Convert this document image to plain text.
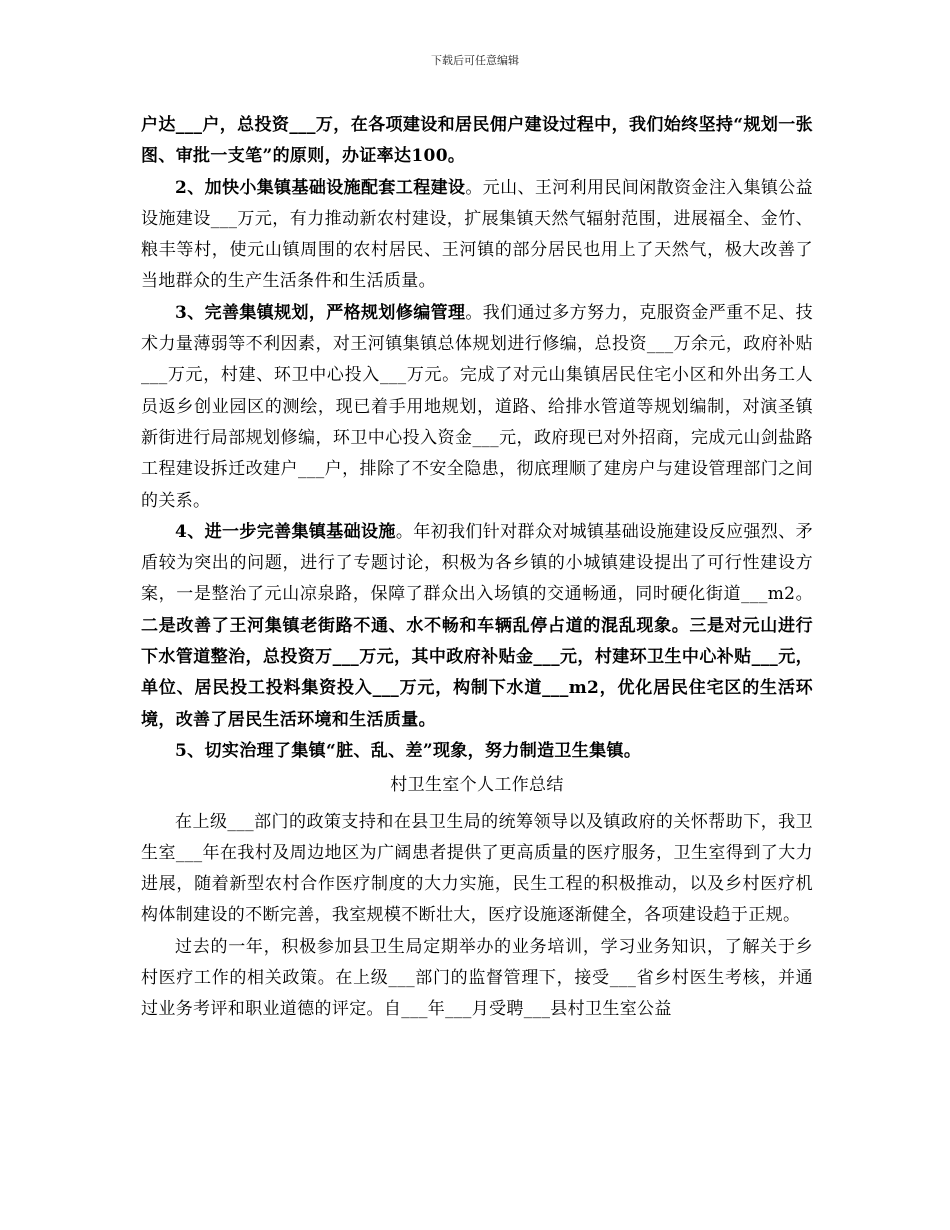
下载后可任意编辑

户达___户，总投资___万，在各项建设和居民佣户建设过程中，我们始终坚持“规划一张图、审批一支笔”的原则，办证率达100。

2、加快小集镇基础设施配套工程建设。元山、王河利用民间闲散资金注入集镇公益设施建设___万元，有力推动新农村建设，扩展集镇天然气辐射范围，进展福全、金竹、粮丰等村，使元山镇周围的农村居民、王河镇的部分居民也用上了天然气，极大改善了当地群众的生产生活条件和生活质量。

3、完善集镇规划，严格规划修编管理。我们通过多方努力，克服资金严重不足、技术力量薄弱等不利因素，对王河镇集镇总体规划进行修编，总投资___万余元，政府补贴___万元，村建、环卫中心投入___万元。完成了对元山集镇居民住宅小区和外出务工人员返乡创业园区的测绘，现已着手用地规划，道路、给排水管道等规划编制，对演圣镇新街进行局部规划修编，环卫中心投入资金___元，政府现已对外招商，完成元山剑盐路工程建设拆迁改建户___户，排除了不安全隐患，彻底理顺了建房户与建设管理部门之间的关系。

4、进一步完善集镇基础设施。年初我们针对群众对城镇基础设施建设反应强烈、矛盾较为突出的问题，进行了专题讨论，积极为各乡镇的小城镇建设提出了可行性建设方案，一是整治了元山凉泉路，保障了群众出入场镇的交通畅通，同时硬化街道___m2。二是改善了王河集镇老街路不通、水不畅和车辆乱停占道的混乱现象。三是对元山进行下水管道整治，总投资万___万元，其中政府补贴金___元，村建环卫生中心补贴___元，单位、居民投工投料集资投入___万元，构制下水道___m2，优化居民住宅区的生活环境，改善了居民生活环境和生活质量。

5、切实治理了集镇“脏、乱、差”现象，努力制造卫生集镇。

村卫生室个人工作总结

在上级___部门的政策支持和在县卫生局的统筹领导以及镇政府的关怀帮助下，我卫生室___年在我村及周边地区为广阔患者提供了更高质量的医疗服务，卫生室得到了大力进展，随着新型农村合作医疗制度的大力实施，民生工程的积极推动，以及乡村医疗机构体制建设的不断完善，我室规模不断壮大，医疗设施逐渐健全，各项建设趋于正规。

过去的一年，积极参加县卫生局定期举办的业务培训，学习业务知识，了解关于乡村医疗工作的相关政策。在上级___部门的监督管理下，接受___省乡村医生考核，并通过业务考评和职业道德的评定。自___年___月受聘___县村卫生室公益
